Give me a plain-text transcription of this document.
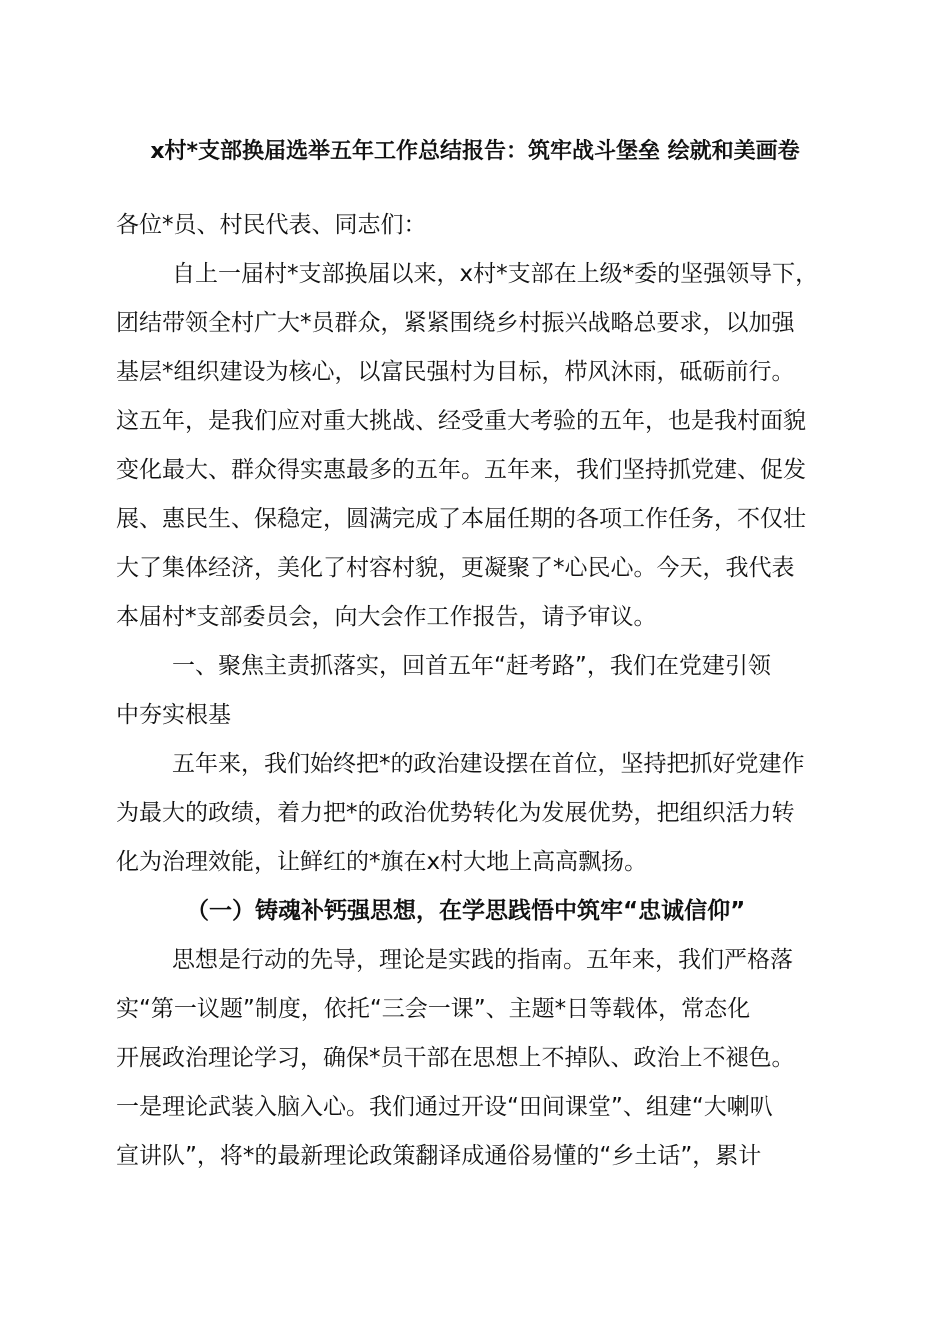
x村*支部换届选举五年工作总结报告：筑牢战斗堡垒 绘就和美画卷
各位*员、村民代表、同志们：
自上一届村*支部换届以来，x村*支部在上级*委的坚强领导下，
团结带领全村广大*员群众，紧紧围绕乡村振兴战略总要求，以加强
基层*组织建设为核心，以富民强村为目标，栉风沐雨，砥砺前行。
这五年，是我们应对重大挑战、经受重大考验的五年，也是我村面貌
变化最大、群众得实惠最多的五年。五年来，我们坚持抓党建、促发
展、惠民生、保稳定，圆满完成了本届任期的各项工作任务，不仅壮
大了集体经济，美化了村容村貌，更凝聚了*心民心。今天，我代表
本届村*支部委员会，向大会作工作报告，请予审议。
一、聚焦主责抓落实，回首五年“赶考路”，我们在党建引领
中夯实根基
五年来，我们始终把*的政治建设摆在首位，坚持把抓好党建作
为最大的政绩，着力把*的政治优势转化为发展优势，把组织活力转
化为治理效能，让鲜红的*旗在x村大地上高高飘扬。
（一）铸魂补钙强思想，在学思践悟中筑牢“忠诚信仰”
思想是行动的先导，理论是实践的指南。五年来，我们严格落
实“第一议题”制度，依托“三会一课”、主题*日等载体，常态化
开展政治理论学习，确保*员干部在思想上不掉队、政治上不褪色。
一是理论武装入脑入心。我们通过开设“田间课堂”、组建“大喇叭
宣讲队”，将*的最新理论政策翻译成通俗易懂的“乡土话”，累计
